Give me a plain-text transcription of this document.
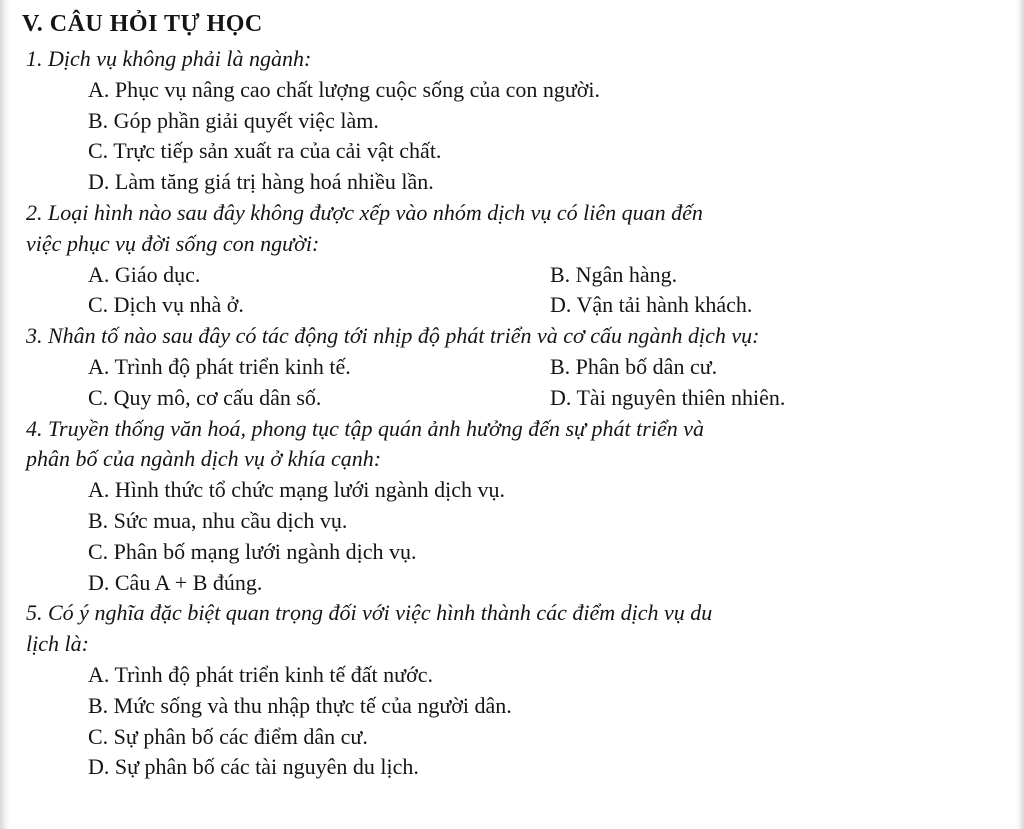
V. CÂU HỎI TỰ HỌC
1. Dịch vụ không phải là ngành:
A. Phục vụ nâng cao chất lượng cuộc sống của con người.
B. Góp phần giải quyết việc làm.
C. Trực tiếp sản xuất ra của cải vật chất.
D. Làm tăng giá trị hàng hoá nhiều lần.
2. Loại hình nào sau đây không được xếp vào nhóm dịch vụ có liên quan đến
việc phục vụ đời sống con người:
A. Giáo dục.	B. Ngân hàng.
C. Dịch vụ nhà ở.	D. Vận tải hành khách.
3. Nhân tố nào sau đây có tác động tới nhịp độ phát triển và cơ cấu ngành dịch vụ:
A. Trình độ phát triển kinh tế.	B. Phân bố dân cư.
C. Quy mô, cơ cấu dân số.	D. Tài nguyên thiên nhiên.
4. Truyền thống văn hoá, phong tục tập quán ảnh hưởng đến sự phát triển và
phân bố của ngành dịch vụ ở khía cạnh:
A. Hình thức tổ chức mạng lưới ngành dịch vụ.
B. Sức mua, nhu cầu dịch vụ.
C. Phân bố mạng lưới ngành dịch vụ.
D. Câu A + B đúng.
5. Có ý nghĩa đặc biệt quan trọng đối với việc hình thành các điểm dịch vụ du
lịch là:
A. Trình độ phát triển kinh tế đất nước.
B. Mức sống và thu nhập thực tế của người dân.
C. Sự phân bố các điểm dân cư.
D. Sự phân bố các tài nguyên du lịch.
